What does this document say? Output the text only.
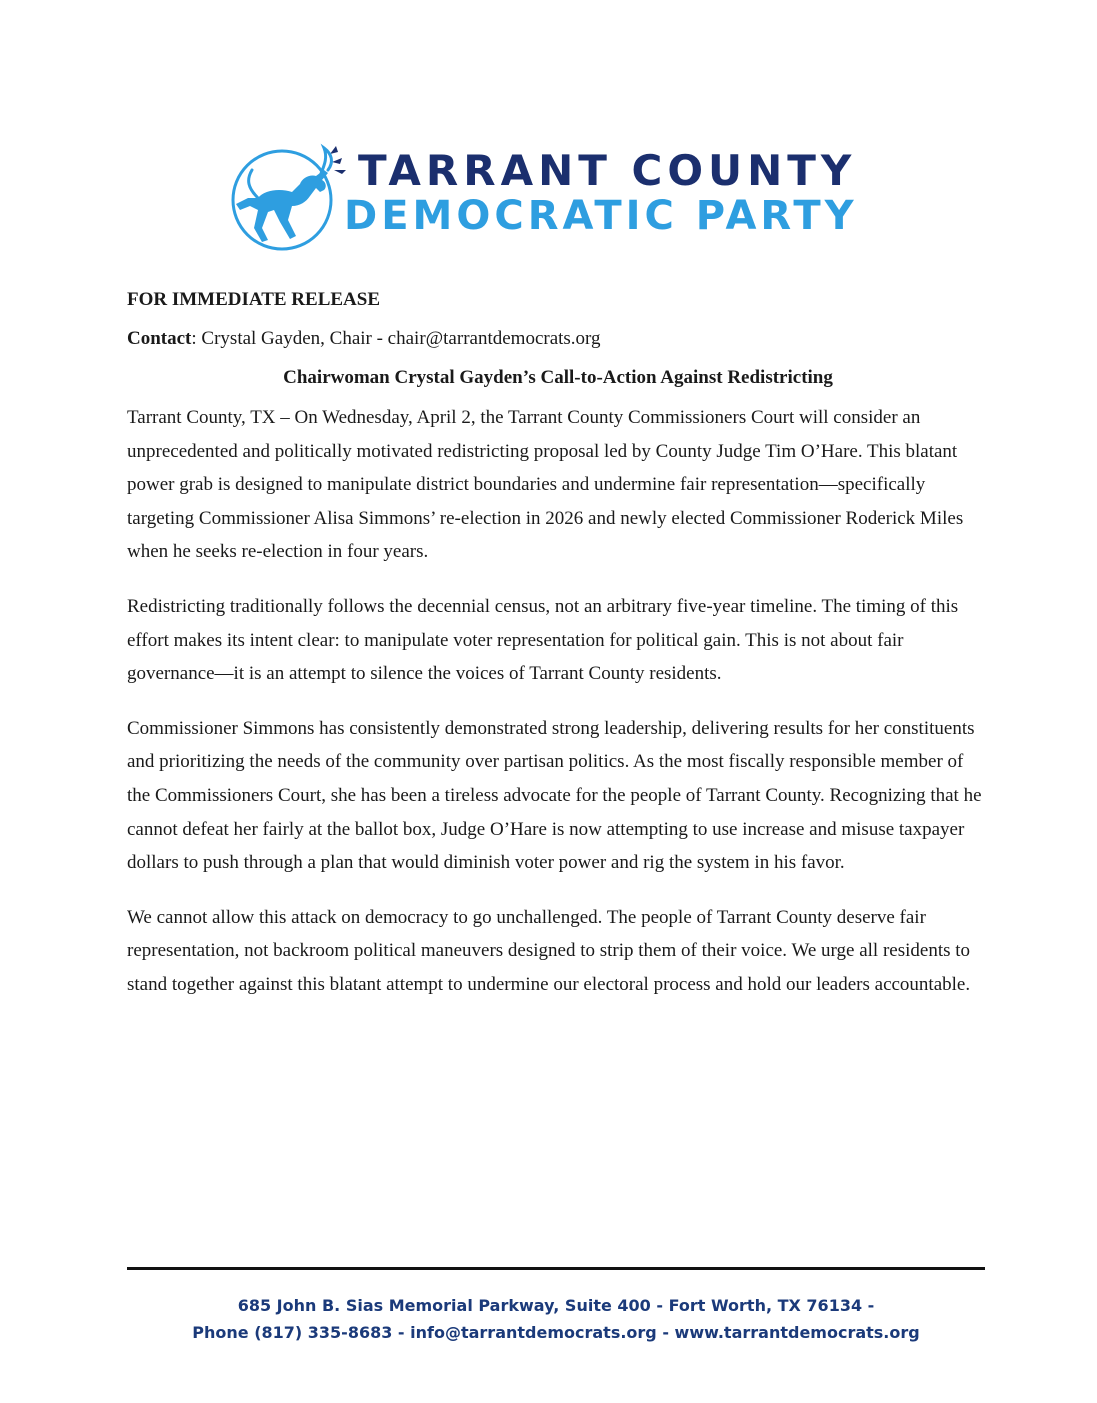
TARRANT COUNTY
DEMOCRATIC PARTY

FOR IMMEDIATE RELEASE

Contact: Crystal Gayden, Chair - chair@tarrantdemocrats.org

Chairwoman Crystal Gayden’s Call-to-Action Against Redistricting

Tarrant County, TX – On Wednesday, April 2, the Tarrant County Commissioners Court will consider an unprecedented and politically motivated redistricting proposal led by County Judge Tim O’Hare. This blatant power grab is designed to manipulate district boundaries and undermine fair representation—specifically targeting Commissioner Alisa Simmons’ re-election in 2026 and newly elected Commissioner Roderick Miles when he seeks re-election in four years.

Redistricting traditionally follows the decennial census, not an arbitrary five-year timeline. The timing of this effort makes its intent clear: to manipulate voter representation for political gain. This is not about fair governance—it is an attempt to silence the voices of Tarrant County residents.

Commissioner Simmons has consistently demonstrated strong leadership, delivering results for her constituents and prioritizing the needs of the community over partisan politics. As the most fiscally responsible member of the Commissioners Court, she has been a tireless advocate for the people of Tarrant County. Recognizing that he cannot defeat her fairly at the ballot box, Judge O’Hare is now attempting to use increase and misuse taxpayer dollars to push through a plan that would diminish voter power and rig the system in his favor.

We cannot allow this attack on democracy to go unchallenged. The people of Tarrant County deserve fair representation, not backroom political maneuvers designed to strip them of their voice. We urge all residents to stand together against this blatant attempt to undermine our electoral process and hold our leaders accountable.

685 John B. Sias Memorial Parkway, Suite 400 - Fort Worth, TX 76134 -
Phone (817) 335-8683 - info@tarrantdemocrats.org - www.tarrantdemocrats.org
